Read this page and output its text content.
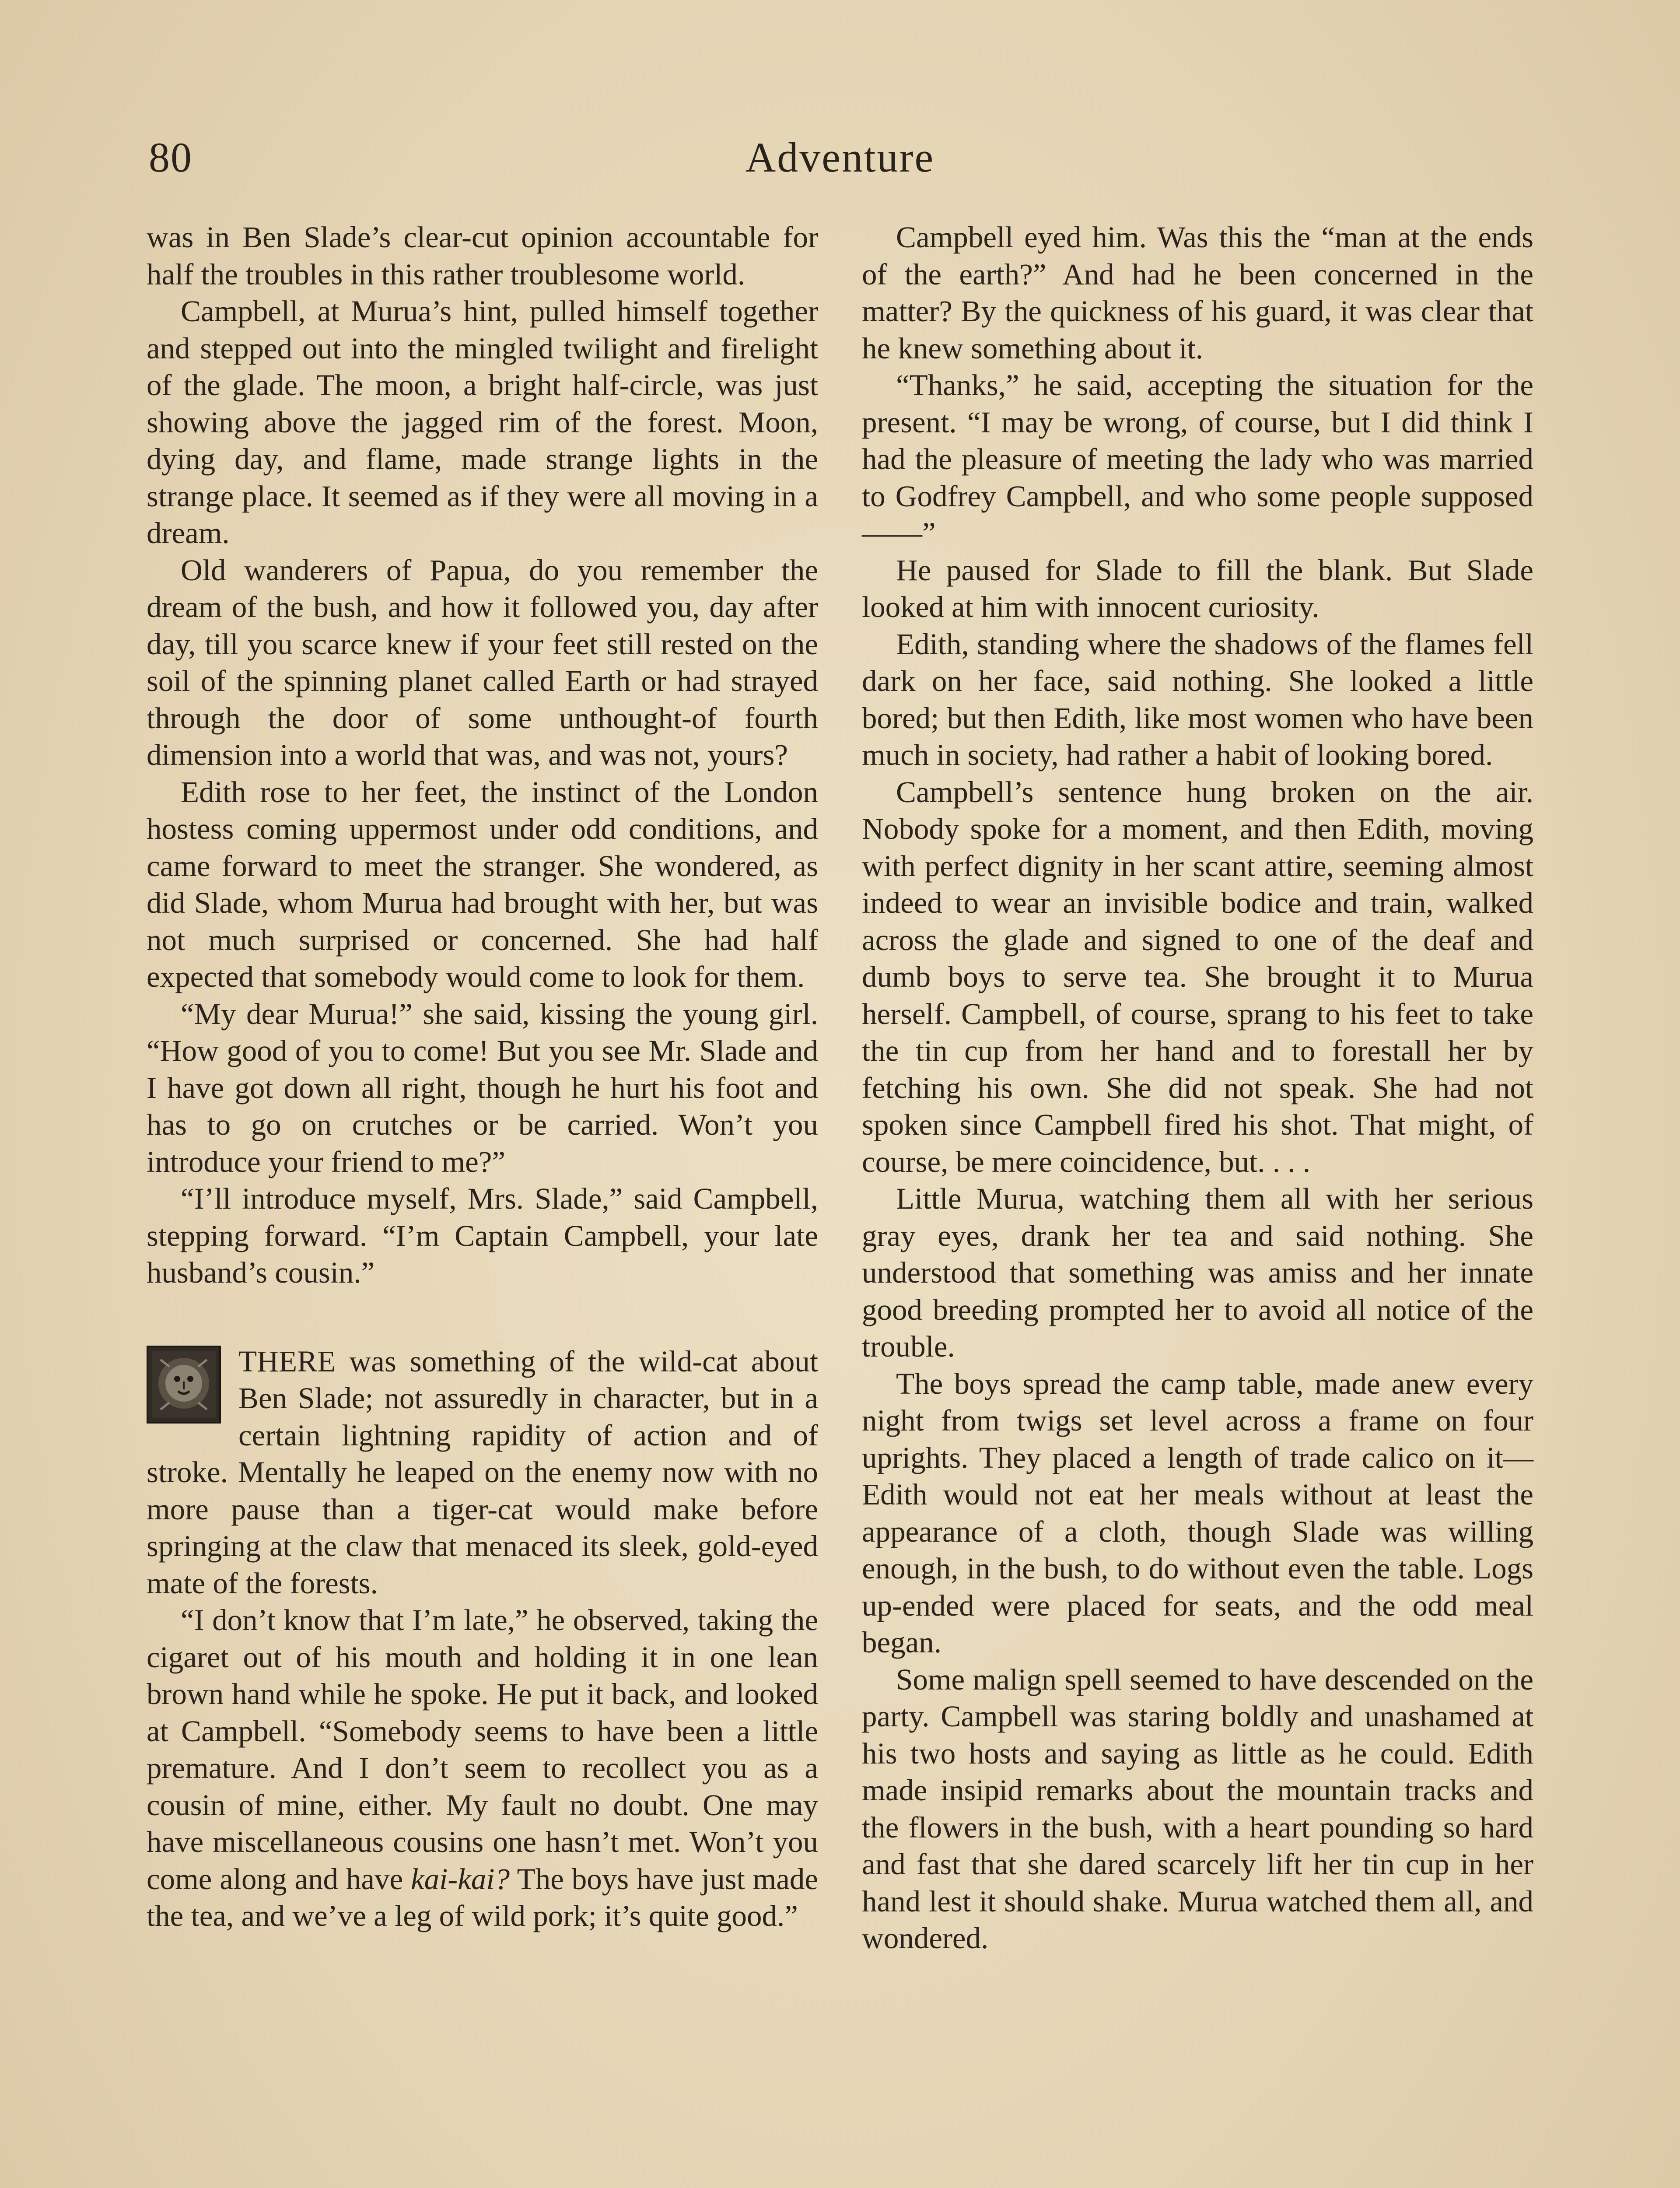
80	Adventure

was in Ben Slade’s clear-cut opinion accountable for half the troubles in this rather troublesome world.

Campbell, at Murua’s hint, pulled himself together and stepped out into the mingled twilight and firelight of the glade. The moon, a bright half-circle, was just showing above the jagged rim of the forest. Moon, dying day, and flame, made strange lights in the strange place. It seemed as if they were all moving in a dream.

Old wanderers of Papua, do you remember the dream of the bush, and how it followed you, day after day, till you scarce knew if your feet still rested on the soil of the spinning planet called Earth or had strayed through the door of some unthought-of fourth dimension into a world that was, and was not, yours?

Edith rose to her feet, the instinct of the London hostess coming uppermost under odd conditions, and came forward to meet the stranger. She wondered, as did Slade, whom Murua had brought with her, but was not much surprised or concerned. She had half expected that somebody would come to look for them.

“My dear Murua!” she said, kissing the young girl. “How good of you to come! But you see Mr. Slade and I have got down all right, though he hurt his foot and has to go on crutches or be carried. Won’t you introduce your friend to me?”

“I’ll introduce myself, Mrs. Slade,” said Campbell, stepping forward. “I’m Captain Campbell, your late husband’s cousin.”

THERE was something of the wild-cat about Ben Slade; not assuredly in character, but in a certain lightning rapidity of action and of stroke. Mentally he leaped on the enemy now with no more pause than a tiger-cat would make before springing at the claw that menaced its sleek, gold-eyed mate of the forests.

“I don’t know that I’m late,” he observed, taking the cigaret out of his mouth and holding it in one lean brown hand while he spoke. He put it back, and looked at Campbell. “Somebody seems to have been a little premature. And I don’t seem to recollect you as a cousin of mine, either. My fault no doubt. One may have miscellaneous cousins one hasn’t met. Won’t you come along and have kai-kai? The boys have just made the tea, and we’ve a leg of wild pork; it’s quite good.”

Campbell eyed him. Was this the “man at the ends of the earth?” And had he been concerned in the matter? By the quickness of his guard, it was clear that he knew something about it.

“Thanks,” he said, accepting the situation for the present. “I may be wrong, of course, but I did think I had the pleasure of meeting the lady who was married to Godfrey Campbell, and who some people supposed——”

He paused for Slade to fill the blank. But Slade looked at him with innocent curiosity.

Edith, standing where the shadows of the flames fell dark on her face, said nothing. She looked a little bored; but then Edith, like most women who have been much in society, had rather a habit of looking bored.

Campbell’s sentence hung broken on the air. Nobody spoke for a moment, and then Edith, moving with perfect dignity in her scant attire, seeming almost indeed to wear an invisible bodice and train, walked across the glade and signed to one of the deaf and dumb boys to serve tea. She brought it to Murua herself. Campbell, of course, sprang to his feet to take the tin cup from her hand and to forestall her by fetching his own. She did not speak. She had not spoken since Campbell fired his shot. That might, of course, be mere coincidence, but. . . .

Little Murua, watching them all with her serious gray eyes, drank her tea and said nothing. She understood that something was amiss and her innate good breeding prompted her to avoid all notice of the trouble.

The boys spread the camp table, made anew every night from twigs set level across a frame on four uprights. They placed a length of trade calico on it—Edith would not eat her meals without at least the appearance of a cloth, though Slade was willing enough, in the bush, to do without even the table. Logs up-ended were placed for seats, and the odd meal began.

Some malign spell seemed to have descended on the party. Campbell was staring boldly and unashamed at his two hosts and saying as little as he could. Edith made insipid remarks about the mountain tracks and the flowers in the bush, with a heart pounding so hard and fast that she dared scarcely lift her tin cup in her hand lest it should shake. Murua watched them all, and wondered.
